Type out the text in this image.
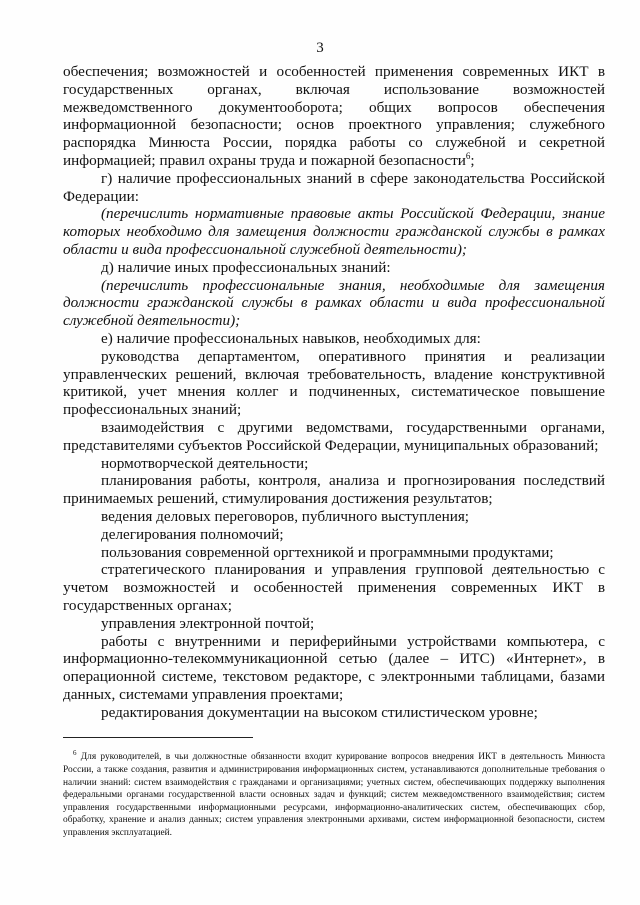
3

обеспечения; возможностей и особенностей применения современных ИКТ в государственных органах, включая использование возможностей межведомственного документооборота; общих вопросов обеспечения информационной безопасности; основ проектного управления; служебного распорядка Минюста России, порядка работы со служебной и секретной информацией; правил охраны труда и пожарной безопасности$^6$;

г) наличие профессиональных знаний в сфере законодательства Российской Федерации:

(перечислить нормативные правовые акты Российской Федерации, знание которых необходимо для замещения должности гражданской службы в рамках области и вида профессиональной служебной деятельности);

д) наличие иных профессиональных знаний:

(перечислить профессиональные знания, необходимые для замещения должности гражданской службы в рамках области и вида профессиональной служебной деятельности);

е) наличие профессиональных навыков, необходимых для:

руководства департаментом, оперативного принятия и реализации управленческих решений, включая требовательность, владение конструктивной критикой, учет мнения коллег и подчиненных, систематическое повышение профессиональных знаний;

взаимодействия с другими ведомствами, государственными органами, представителями субъектов Российской Федерации, муниципальных образований;

нормотворческой деятельности;

планирования работы, контроля, анализа и прогнозирования последствий принимаемых решений, стимулирования достижения результатов;

ведения деловых переговоров, публичного выступления;

делегирования полномочий;

пользования современной оргтехникой и программными продуктами;

стратегического планирования и управления групповой деятельностью с учетом возможностей и особенностей применения современных ИКТ в государственных органах;

управления электронной почтой;

работы с внутренними и периферийными устройствами компьютера, с информационно-телекоммуникационной сетью (далее – ИТС) «Интернет», в операционной системе, текстовом редакторе, с электронными таблицами, базами данных, системами управления проектами;

редактирования документации на высоком стилистическом уровне;

$^6$ Для руководителей, в чьи должностные обязанности входит курирование вопросов внедрения ИКТ в деятельность Минюста России, а также создания, развития и администрирования информационных систем, устанавливаются дополнительные требования о наличии знаний: систем взаимодействия с гражданами и организациями; учетных систем, обеспечивающих поддержку выполнения федеральными органами государственной власти основных задач и функций; систем межведомственного взаимодействия; систем управления государственными информационными ресурсами, информационно-аналитических систем, обеспечивающих сбор, обработку, хранение и анализ данных; систем управления электронными архивами, систем информационной безопасности, систем управления эксплуатацией.
